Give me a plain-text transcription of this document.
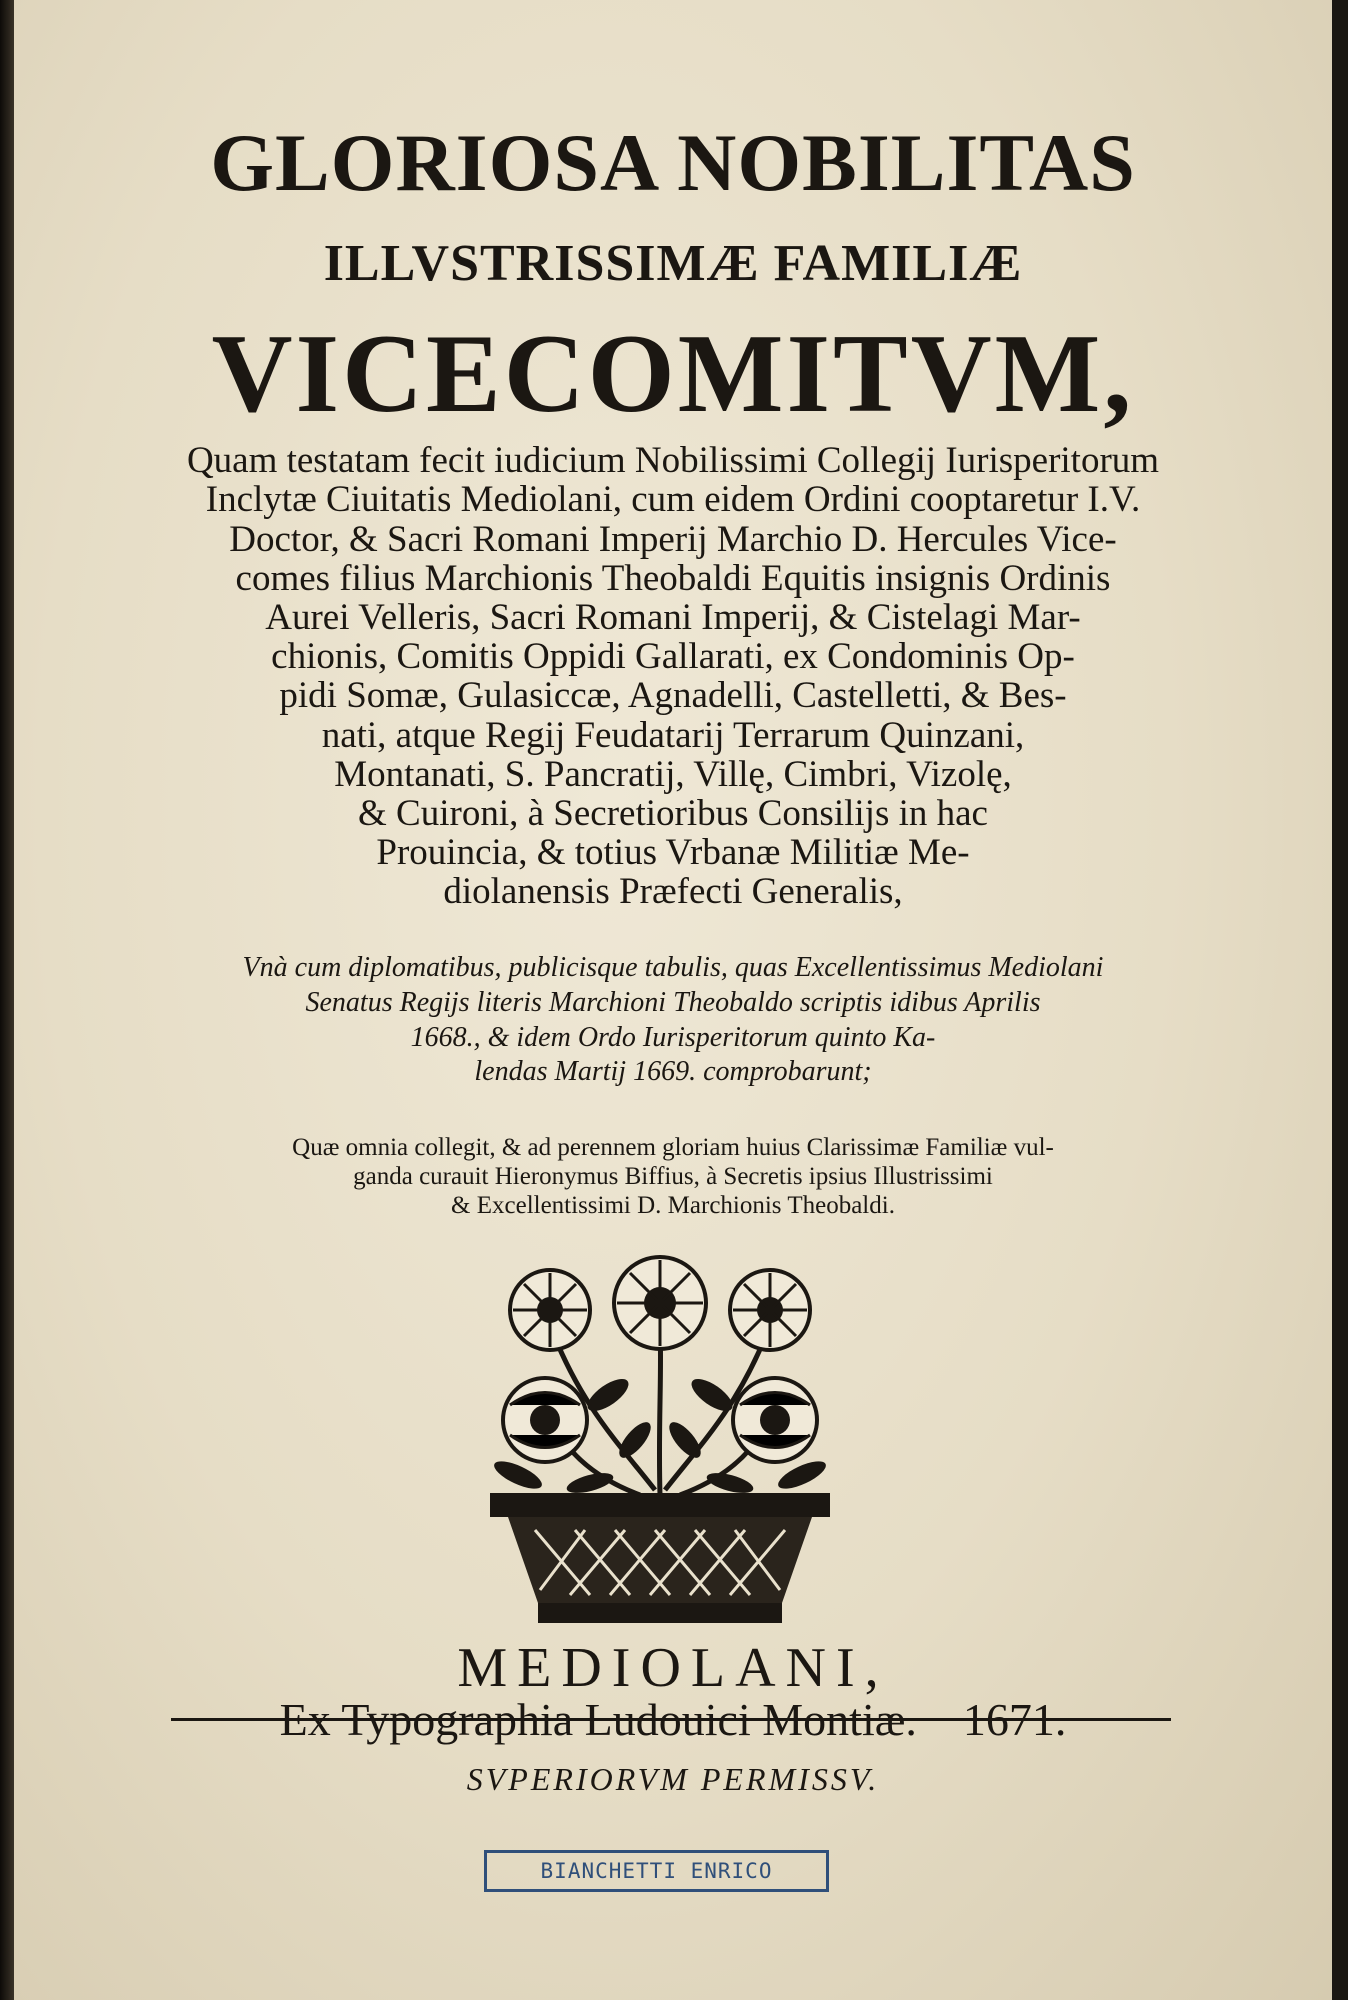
GLORIOSA NOBILITAS
ILLVSTRISSIMÆ FAMILIÆ
VICECOMITVM,

Quam testatam fecit iudicium Nobilissimi Collegij Iurisperitorum

Inclytæ Ciuitatis Mediolani, cum eidem Ordini cooptaretur I.V.

Doctor, & Sacri Romani Imperij Marchio D. Hercules Vice-

comes filius Marchionis Theobaldi Equitis insignis Ordinis

Aurei Velleris, Sacri Romani Imperij, & Cistelagi Mar-

chionis, Comitis Oppidi Gallarati, ex Condominis Op-

pidi Somæ, Gulasiccæ, Agnadelli, Castelletti, & Bes-

nati, atque Regij Feudatarij Terrarum Quinzani,

Montanati, S. Pancratij, Villę, Cimbri, Vizolę,

& Cuironi, à Secretioribus Consilijs in hac

Prouincia, & totius Vrbanæ Militiæ Me-

diolanensis Præfecti Generalis,

Vnà cum diplomatibus, publicisque tabulis, quas Excellentissimus Mediolani

Senatus Regijs literis Marchioni Theobaldo scriptis idibus Aprilis

1668., & idem Ordo Iurisperitorum quinto Ka-

lendas Martij 1669. comprobarunt;

Quæ omnia collegit, & ad perennem gloriam huius Clarissimæ Familiæ vul-

ganda curauit Hieronymus Biffius, à Secretis ipsius Illustrissimi

& Excellentissimi D. Marchionis Theobaldi.

MEDIOLANI,

Ex Typographia Ludouici Montiæ. 1671.

SVPERIORVM PERMISSV.

BIANCHETTI ENRICO
